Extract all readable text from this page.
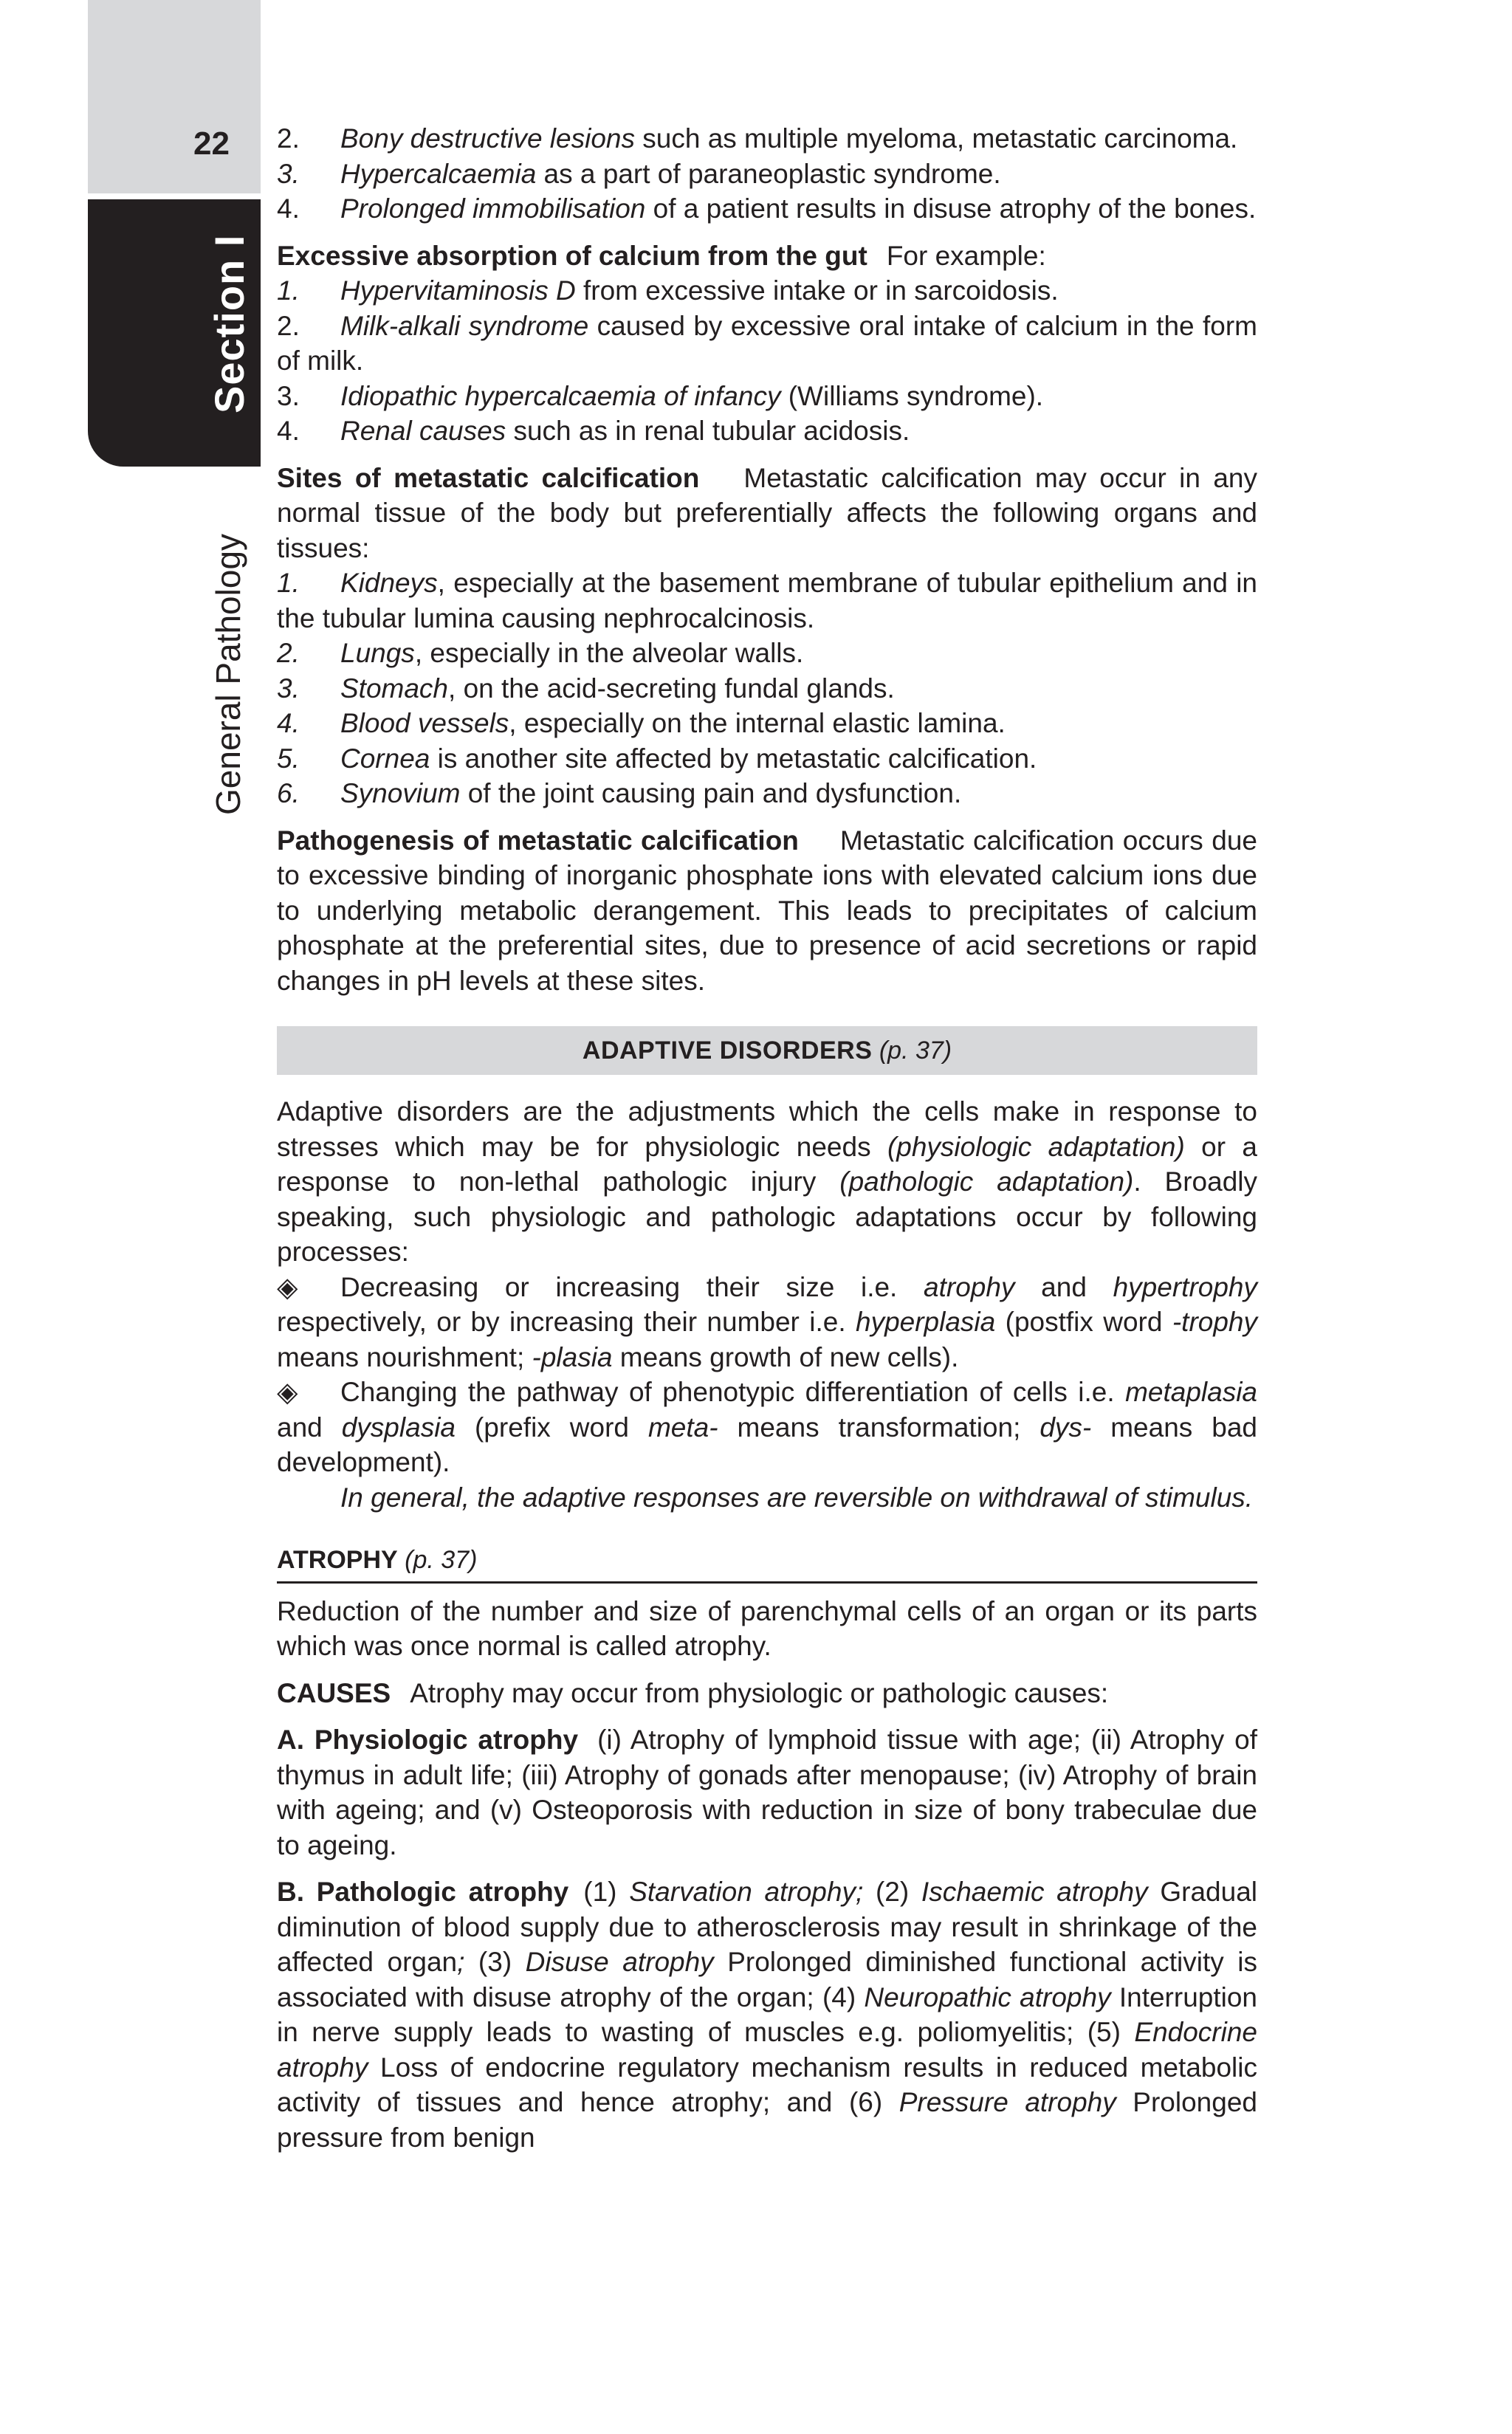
22
Section I
General Pathology

2. Bony destructive lesions such as multiple myeloma, metastatic carcinoma.

3. Hypercalcaemia as a part of paraneoplastic syndrome.

4. Prolonged immobilisation of a patient results in disuse atrophy of the bones.

Excessive absorption of calcium from the gut For example:

1. Hypervitaminosis D from excessive intake or in sarcoidosis.

2. Milk-alkali syndrome caused by excessive oral intake of calcium in the form of milk.

3. Idiopathic hypercalcaemia of infancy (Williams syndrome).

4. Renal causes such as in renal tubular acidosis.

Sites of metastatic calcification Metastatic calcification may occur in any normal tissue of the body but preferentially affects the following organs and tissues:

1. Kidneys, especially at the basement membrane of tubular epithelium and in the tubular lumina causing nephrocalcinosis.

2. Lungs, especially in the alveolar walls.

3. Stomach, on the acid-secreting fundal glands.

4. Blood vessels, especially on the internal elastic lamina.

5. Cornea is another site affected by metastatic calcification.

6. Synovium of the joint causing pain and dysfunction.

Pathogenesis of metastatic calcification Metastatic calcification occurs due to excessive binding of inorganic phosphate ions with elevated calcium ions due to underlying metabolic derangement. This leads to precipitates of calcium phosphate at the preferential sites, due to presence of acid secretions or rapid changes in pH levels at these sites.

ADAPTIVE DISORDERS (p. 37)

Adaptive disorders are the adjustments which the cells make in response to stresses which may be for physiologic needs (physiologic adaptation) or a response to non-lethal pathologic injury (pathologic adaptation). Broadly speaking, such physiologic and pathologic adaptations occur by following processes:

◈ Decreasing or increasing their size i.e. atrophy and hypertrophy respectively, or by increasing their number i.e. hyperplasia (postfix word -trophy means nourishment; -plasia means growth of new cells).

◈ Changing the pathway of phenotypic differentiation of cells i.e. metaplasia and dysplasia (prefix word meta- means transformation; dys- means bad development).

In general, the adaptive responses are reversible on withdrawal of stimulus.

ATROPHY (p. 37)

Reduction of the number and size of parenchymal cells of an organ or its parts which was once normal is called atrophy.

CAUSES Atrophy may occur from physiologic or pathologic causes:

A. Physiologic atrophy (i) Atrophy of lymphoid tissue with age; (ii) Atrophy of thymus in adult life; (iii) Atrophy of gonads after menopause; (iv) Atrophy of brain with ageing; and (v) Osteoporosis with reduction in size of bony trabeculae due to ageing.

B. Pathologic atrophy (1) Starvation atrophy; (2) Ischaemic atrophy Gradual diminution of blood supply due to atherosclerosis may result in shrinkage of the affected organ; (3) Disuse atrophy Prolonged diminished functional activity is associated with disuse atrophy of the organ; (4) Neuropathic atrophy Interruption in nerve supply leads to wasting of muscles e.g. poliomyelitis; (5) Endocrine atrophy Loss of endocrine regulatory mechanism results in reduced metabolic activity of tissues and hence atrophy; and (6) Pressure atrophy Prolonged pressure from benign
